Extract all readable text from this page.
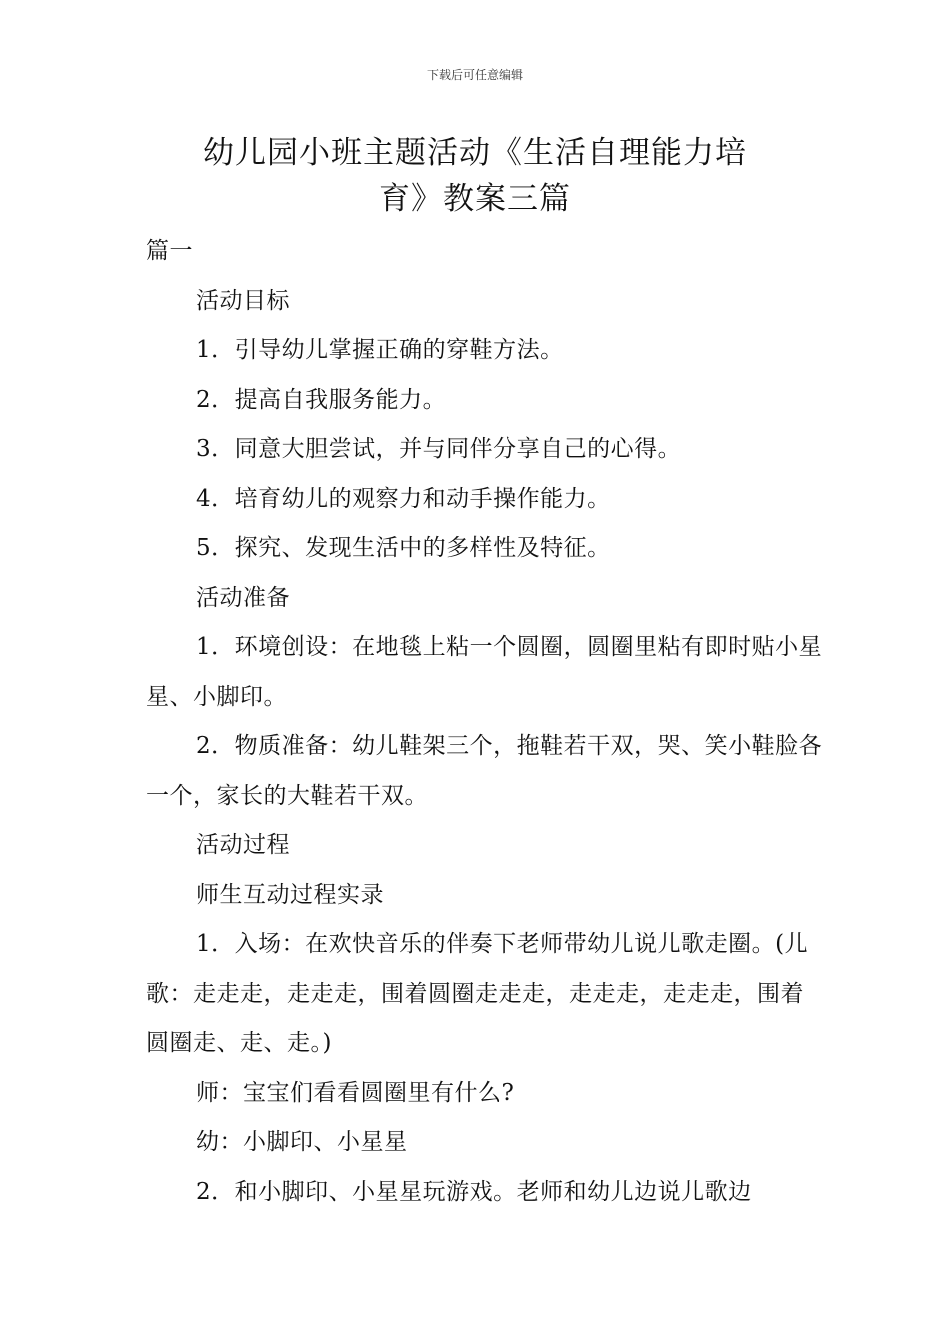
下载后可任意编辑
幼儿园小班主题活动《生活自理能力培
育》教案三篇

篇一

活动目标

1．引导幼儿掌握正确的穿鞋方法。

2．提高自我服务能力。

3．同意大胆尝试，并与同伴分享自己的心得。

4．培育幼儿的观察力和动手操作能力。

5．探究、发现生活中的多样性及特征。

活动准备

1．环境创设：在地毯上粘一个圆圈，圆圈里粘有即时贴小星星、小脚印。

2．物质准备：幼儿鞋架三个，拖鞋若干双，哭、笑小鞋脸各一个，家长的大鞋若干双。

活动过程

师生互动过程实录

1．入场：在欢快音乐的伴奏下老师带幼儿说儿歌走圈。(儿歌：走走走，走走走，围着圆圈走走走，走走走，走走走，围着圆圈走、走、走。)

师：宝宝们看看圆圈里有什么?

幼：小脚印、小星星

2．和小脚印、小星星玩游戏。老师和幼儿边说儿歌边
